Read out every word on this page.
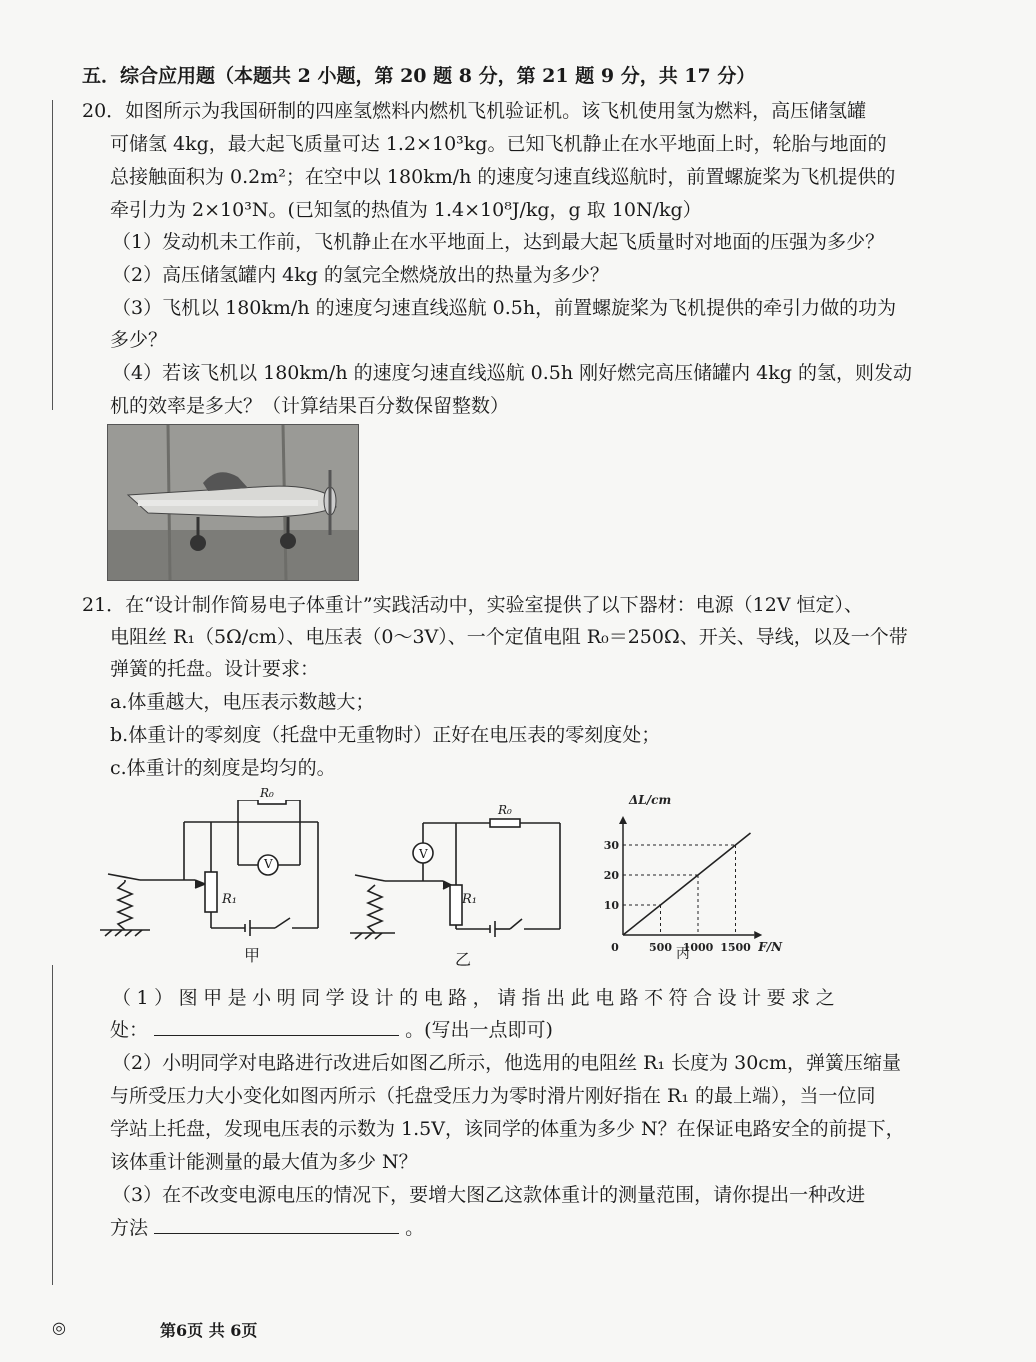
五．综合应用题（本题共 2 小题，第 20 题 8 分，第 21 题 9 分，共 17 分）
20．如图所示为我国研制的四座氢燃料内燃机飞机验证机。该飞机使用氢为燃料，高压储氢罐
可储氢 4kg，最大起飞质量可达 1.2×10³kg。已知飞机静止在水平地面上时，轮胎与地面的
总接触面积为 0.2m²；在空中以 180km/h 的速度匀速直线巡航时，前置螺旋桨为飞机提供的
牵引力为 2×10³N。(已知氢的热值为 1.4×10⁸J/kg，g 取 10N/kg）
（1）发动机未工作前，飞机静止在水平地面上，达到最大起飞质量时对地面的压强为多少？
（2）高压储氢罐内 4kg 的氢完全燃烧放出的热量为多少？
（3）飞机以 180km/h 的速度匀速直线巡航 0.5h，前置螺旋桨为飞机提供的牵引力做的功为
多少？
（4）若该飞机以 180km/h 的速度匀速直线巡航 0.5h 刚好燃完高压储罐内 4kg 的氢，则发动
机的效率是多大？（计算结果百分数保留整数）
21．在“设计制作简易电子体重计”实践活动中，实验室提供了以下器材：电源（12V 恒定）、
电阻丝 R₁（5Ω/cm）、电压表（0～3V）、一个定值电阻 R₀＝250Ω、开关、导线，以及一个带
弹簧的托盘。设计要求：
a.体重越大，电压表示数越大；
b.体重计的零刻度（托盘中无重物时）正好在电压表的零刻度处；
c.体重计的刻度是均匀的。
R₀
V
R₁
甲
R₀
V
R₁
乙
0	500 1000 1500
10
20
30
ΔL/cm
F/N
丙
（1）图甲是小明同学设计的电路，请指出此电路不符合设计要求之
处：	。(写出一点即可)
（2）小明同学对电路进行改进后如图乙所示，他选用的电阻丝 R₁ 长度为 30cm，弹簧压缩量
与所受压力大小变化如图丙所示（托盘受压力为零时滑片刚好指在 R₁ 的最上端），当一位同
学站上托盘，发现电压表的示数为 1.5V，该同学的体重为多少 N？在保证电路安全的前提下，
该体重计能测量的最大值为多少 N？
（3）在不改变电源电压的情况下，要增大图乙这款体重计的测量范围，请你提出一种改进
方法	。
◎	第6页 共 6页
